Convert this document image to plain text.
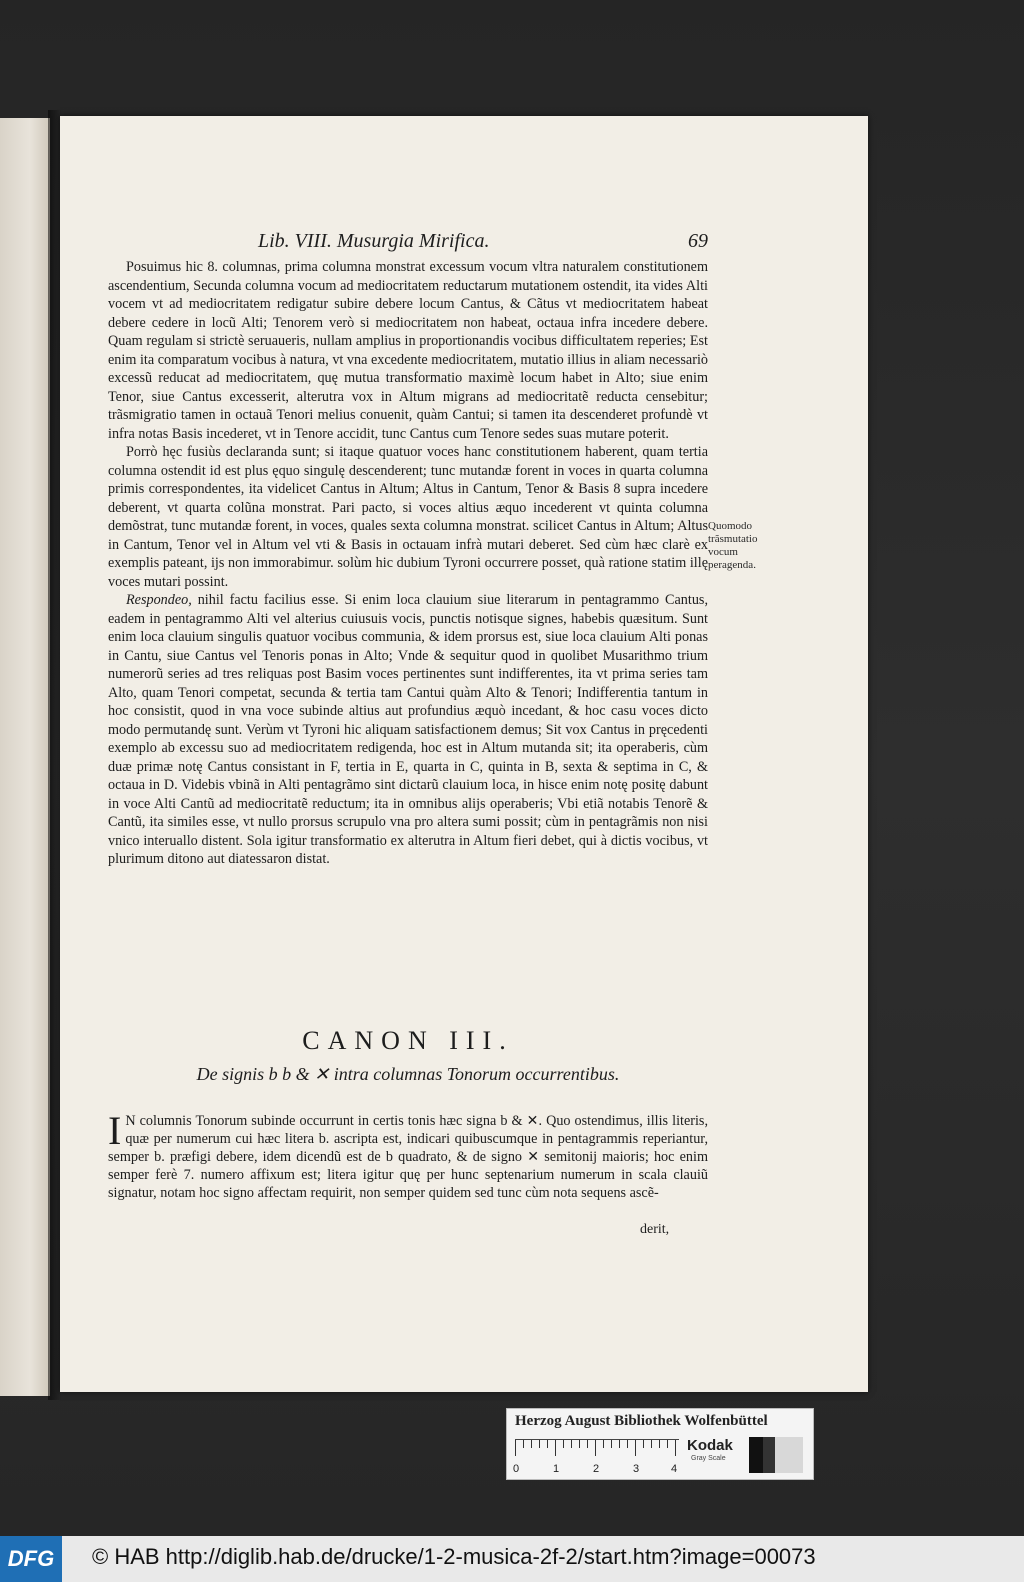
Lib. VIII. Musurgia Mirifica.	69

Posuimus hic 8. columnas, prima columna monstrat excessum vocum vltra naturalem constitutionem ascendentium, Secunda columna vocum ad mediocritatem reductarum mutationem ostendit, ita vides Alti vocem vt ad mediocritatem redigatur subire debere locum Cantus, & Cãtus vt mediocritatem habeat debere cedere in locũ Alti; Tenorem verò si mediocritatem non habeat, octaua infra incedere debere. Quam regulam si strictè seruaueris, nullam amplius in proportionandis vocibus difficultatem reperies; Est enim ita comparatum vocibus à natura, vt vna excedente mediocritatem, mutatio illius in aliam necessariò excessũ reducat ad mediocritatem, quę mutua transformatio maximè locum habet in Alto; siue enim Tenor, siue Cantus excesserit, alterutra vox in Altum migrans ad mediocritatẽ reducta censebitur; trãsmigratio tamen in octauã Tenori melius conuenit, quàm Cantui; si tamen ita descenderet profundè vt infra notas Basis incederet, vt in Tenore accidit, tunc Cantus cum Tenore sedes suas mutare poterit.

Porrò hęc fusiùs declaranda sunt; si itaque quatuor voces hanc constitutionem haberent, quam tertia columna ostendit id est plus ęquo singulę descenderent; tunc mutandæ forent in voces in quarta columna primis correspondentes, ita videlicet Cantus in Altum; Altus in Cantum, Tenor & Basis 8 supra incedere deberent, vt quarta colũna monstrat. Pari pacto, si voces altius æquo incederent vt quinta columna demõstrat, tunc mutandæ forent, in voces, quales sexta columna monstrat. scilicet Cantus in Altum; Altus in Cantum, Tenor vel in Altum vel vti & Basis in octauam infrà mutari deberet. Sed cùm hæc clarè ex exemplis pateant, ijs non immorabimur. solùm hic dubium Tyroni occurrere posset, quà ratione statim illę voces mutari possint.

Respondeo, nihil factu facilius esse. Si enim loca clauium siue literarum in pentagrammo Cantus, eadem in pentagrammo Alti vel alterius cuiusuis vocis, punctis notisque signes, habebis quæsitum. Sunt enim loca clauium singulis quatuor vocibus communia, & idem prorsus est, siue loca clauium Alti ponas in Cantu, siue Cantus vel Tenoris ponas in Alto; Vnde & sequitur quod in quolibet Musarithmo trium numerorũ series ad tres reliquas post Basim voces pertinentes sunt indifferentes, ita vt prima series tam Alto, quam Tenori competat, secunda & tertia tam Cantui quàm Alto & Tenori; Indifferentia tantum in hoc consistit, quod in vna voce subinde altius aut profundius æquò incedant, & hoc casu voces dicto modo permutandę sunt. Verùm vt Tyroni hic aliquam satisfactionem demus; Sit vox Cantus in pręcedenti exemplo ab excessu suo ad mediocritatem redigenda, hoc est in Altum mutanda sit; ita operaberis, cùm duæ primæ notę Cantus consistant in F, tertia in E, quarta in C, quinta in B, sexta & septima in C, & octaua in D. Videbis vbinã in Alti pentagrãmo sint dictarũ clauium loca, in hisce enim notę positę dabunt in voce Alti Cantũ ad mediocritatẽ reductum; ita in omnibus alijs operaberis; Vbi etiã notabis Tenorẽ & Cantũ, ita similes esse, vt nullo prorsus scrupulo vna pro altera sumi possit; cùm in pentagrãmis non nisi vnico interuallo distent. Sola igitur transformatio ex alterutra in Altum fieri debet, qui à dictis vocibus, vt plurimum ditono aut diatessaron distat.

Quomodo trãsmutatio vocum peragenda.
CANON III.
De signis b b & ✕ intra columnas Tonorum occurrentibus.
I N columnis Tonorum subinde occurrunt in certis tonis hæc signa b & ✕. Quo ostendimus, illis literis, quæ per numerum cui hæc litera b. ascripta est, indicari quibuscumque in pentagrammis reperiantur, semper b. præfigi debere, idem dicendũ est de b quadrato, & de signo ✕ semitonij maioris; hoc enim semper ferè 7. numero affixum est; litera igitur quę per hunc septenarium numerum in scala clauiũ signatur, notam hoc signo affectam requirit, non semper quidem sed tunc cùm nota sequens ascẽ-
derit,
Herzog August Bibliothek Wolfenbüttel
0	1	2	3	4
Kodak
Gray Scale
DFG	© HAB http://diglib.hab.de/drucke/1-2-musica-2f-2/start.htm?image=00073
